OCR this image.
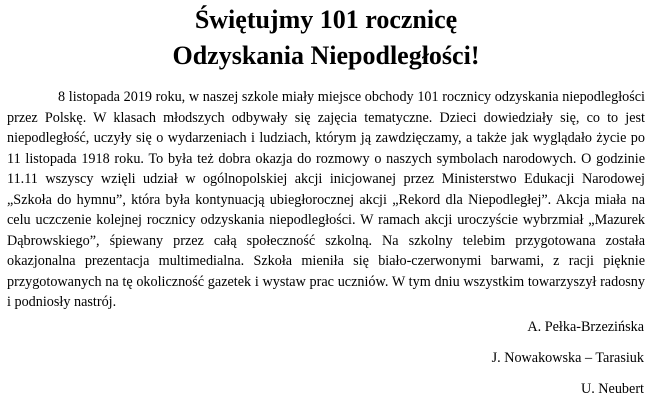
Świętujmy 101 rocznicę
Odzyskania Niepodległości!

8 listopada 2019 roku, w naszej szkole miały miejsce obchody 101 rocznicy odzyskania niepodległości przez Polskę. W klasach młodszych odbywały się zajęcia tematyczne. Dzieci dowiedziały się, co to jest niepodległość, uczyły się o wydarzeniach i ludziach, którym ją zawdzięczamy, a także jak wyglądało życie po 11 listopada 1918 roku. To była też dobra okazja do rozmowy o naszych symbolach narodowych. O godzinie 11.11 wszyscy wzięli udział w ogólnopolskiej akcji inicjowanej przez Ministerstwo Edukacji Narodowej „Szkoła do hymnu”, która była kontynuacją ubiegłorocznej akcji „Rekord dla Niepodległej”. Akcja miała na celu uczczenie kolejnej rocznicy odzyskania niepodległości. W ramach akcji uroczyście wybrzmiał „Mazurek Dąbrowskiego”, śpiewany przez całą społeczność szkolną. Na szkolny telebim przygotowana została okazjonalna prezentacja multimedialna. Szkoła mieniła się biało-czerwonymi barwami, z racji pięknie przygotowanych na tę okoliczność gazetek i wystaw prac uczniów. W tym dniu wszystkim towarzyszył radosny i podniosły nastrój.

A. Pełka-Brzezińska

J. Nowakowska – Tarasiuk

U. Neubert
